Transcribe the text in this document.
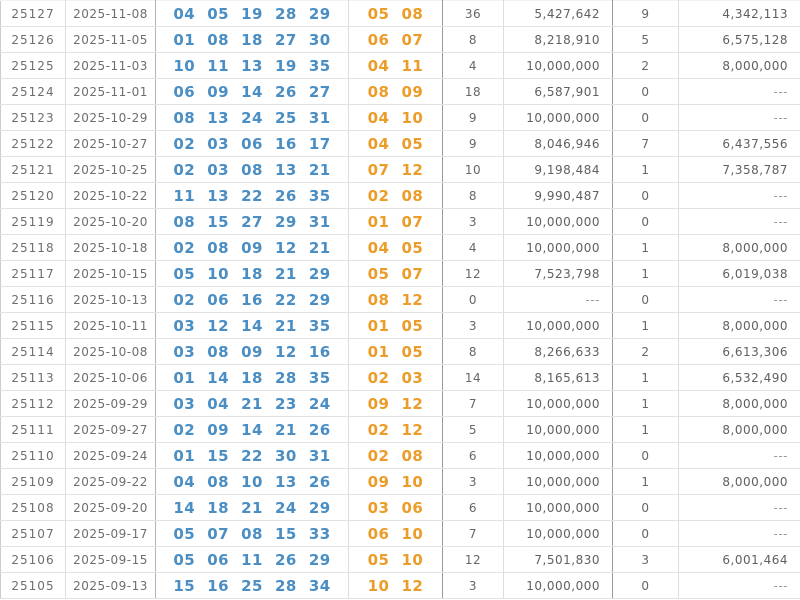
25127	2025-11-08	04 05 19 28 29	05 08	36	5,427,642	9	4,342,113
25126	2025-11-05	01 08 18 27 30	06 07	8	8,218,910	5	6,575,128
25125	2025-11-03	10 11 13 19 35	04 11	4	10,000,000	2	8,000,000
25124	2025-11-01	06 09 14 26 27	08 09	18	6,587,901	0	---
25123	2025-10-29	08 13 24 25 31	04 10	9	10,000,000	0	---
25122	2025-10-27	02 03 06 16 17	04 05	9	8,046,946	7	6,437,556
25121	2025-10-25	02 03 08 13 21	07 12	10	9,198,484	1	7,358,787
25120	2025-10-22	11 13 22 26 35	02 08	8	9,990,487	0	---
25119	2025-10-20	08 15 27 29 31	01 07	3	10,000,000	0	---
25118	2025-10-18	02 08 09 12 21	04 05	4	10,000,000	1	8,000,000
25117	2025-10-15	05 10 18 21 29	05 07	12	7,523,798	1	6,019,038
25116	2025-10-13	02 06 16 22 29	08 12	0	---	0	---
25115	2025-10-11	03 12 14 21 35	01 05	3	10,000,000	1	8,000,000
25114	2025-10-08	03 08 09 12 16	01 05	8	8,266,633	2	6,613,306
25113	2025-10-06	01 14 18 28 35	02 03	14	8,165,613	1	6,532,490
25112	2025-09-29	03 04 21 23 24	09 12	7	10,000,000	1	8,000,000
25111	2025-09-27	02 09 14 21 26	02 12	5	10,000,000	1	8,000,000
25110	2025-09-24	01 15 22 30 31	02 08	6	10,000,000	0	---
25109	2025-09-22	04 08 10 13 26	09 10	3	10,000,000	1	8,000,000
25108	2025-09-20	14 18 21 24 29	03 06	6	10,000,000	0	---
25107	2025-09-17	05 07 08 15 33	06 10	7	10,000,000	0	---
25106	2025-09-15	05 06 11 26 29	05 10	12	7,501,830	3	6,001,464
25105	2025-09-13	15 16 25 28 34	10 12	3	10,000,000	0	---
